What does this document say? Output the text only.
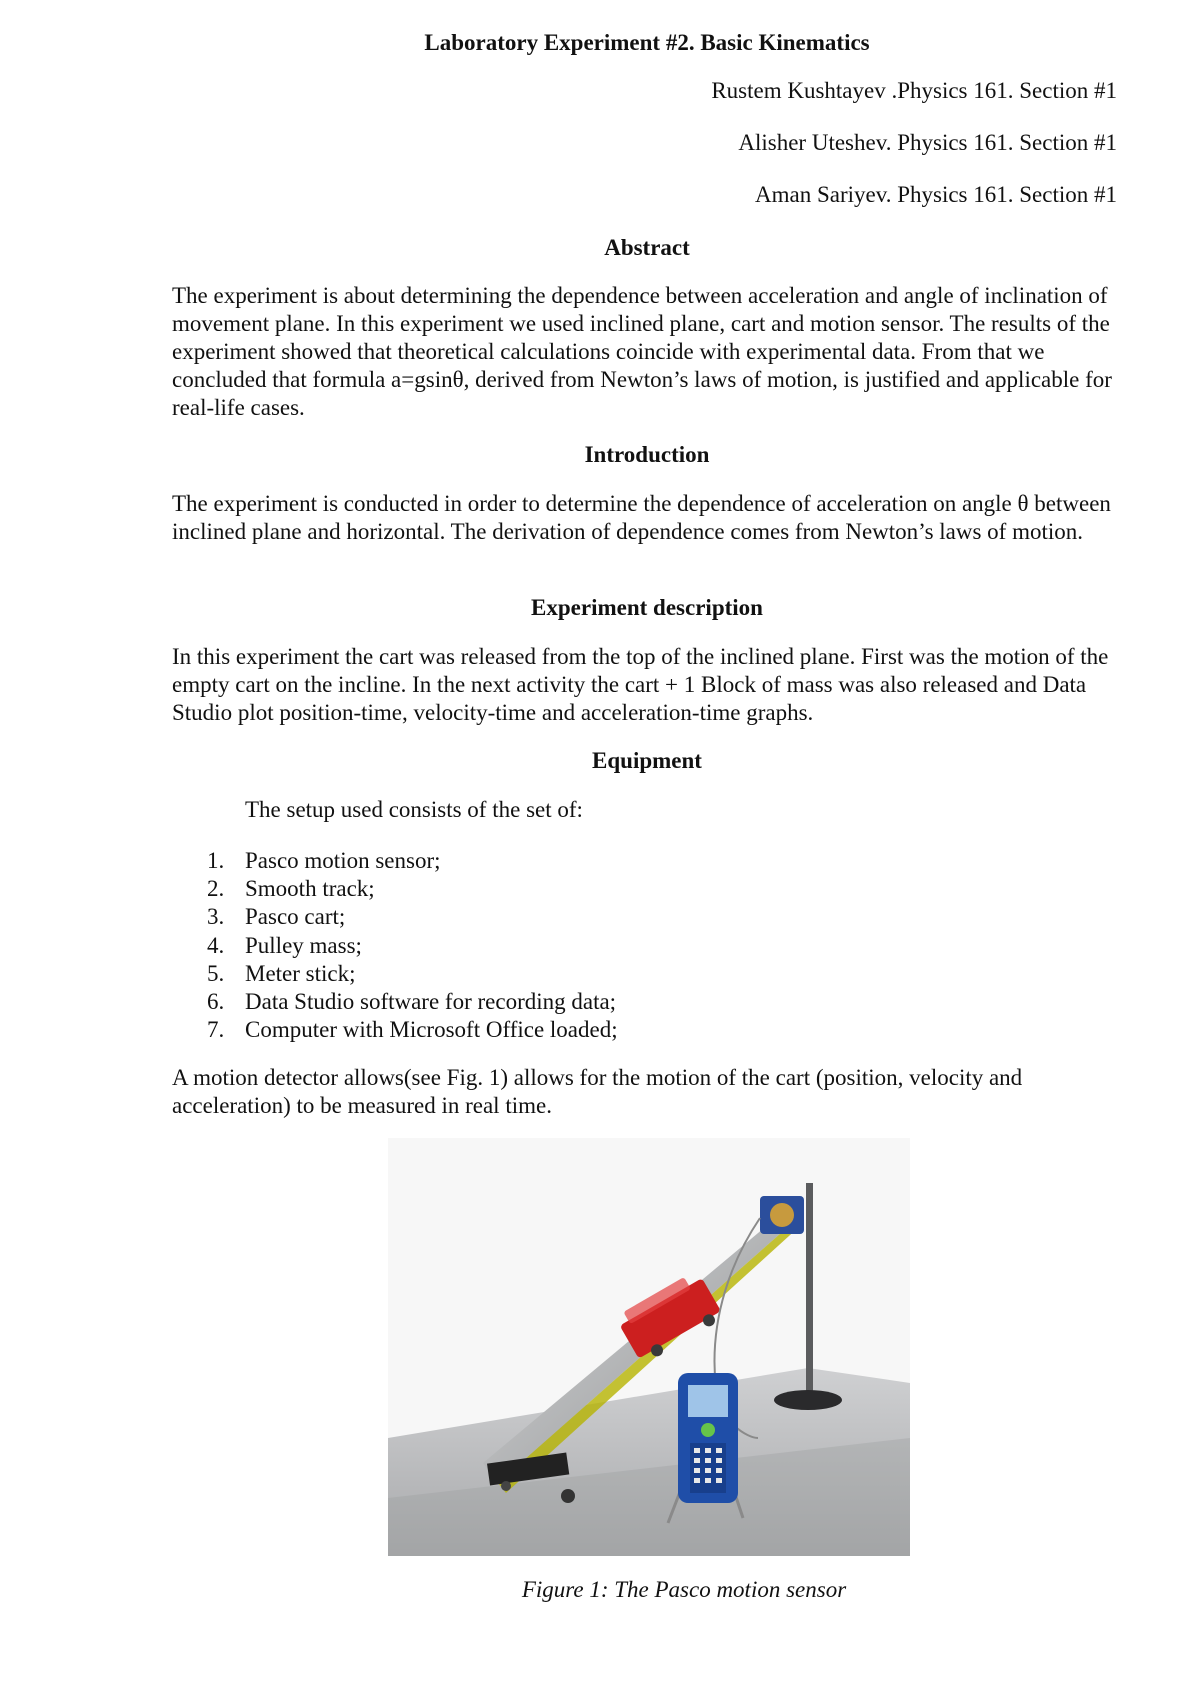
Laboratory Experiment #2. Basic Kinematics
Rustem Kushtayev .Physics 161. Section #1
Alisher Uteshev. Physics 161. Section #1
Aman Sariyev. Physics 161. Section #1
Abstract

The experiment is about determining the dependence between acceleration and angle of inclination of movement plane. In this experiment we used inclined plane, cart and motion sensor. The results of the experiment showed that theoretical calculations coincide with experimental data. From that we concluded that formula a=gsinθ, derived from Newton’s laws of motion, is justified and applicable for real-life cases.

Introduction

The experiment is conducted in order to determine the dependence of acceleration on angle θ between inclined plane and horizontal. The derivation of dependence comes from Newton’s laws of motion.

Experiment description

In this experiment the cart was released from the top of the inclined plane. First was the motion of the empty cart on the incline. In the next activity the cart + 1 Block of mass was also released and Data Studio plot position-time, velocity-time and acceleration-time graphs.

Equipment
The setup used consists of the set of:
1. Pasco motion sensor;
2. Smooth track;
3. Pasco cart;
4. Pulley mass;
5. Meter stick;
6. Data Studio software for recording data;
7. Computer with Microsoft Office loaded;

A motion detector allows(see Fig. 1) allows for the motion of the cart (position, velocity and acceleration) to be measured in real time.

Figure 1: The Pasco motion sensor
